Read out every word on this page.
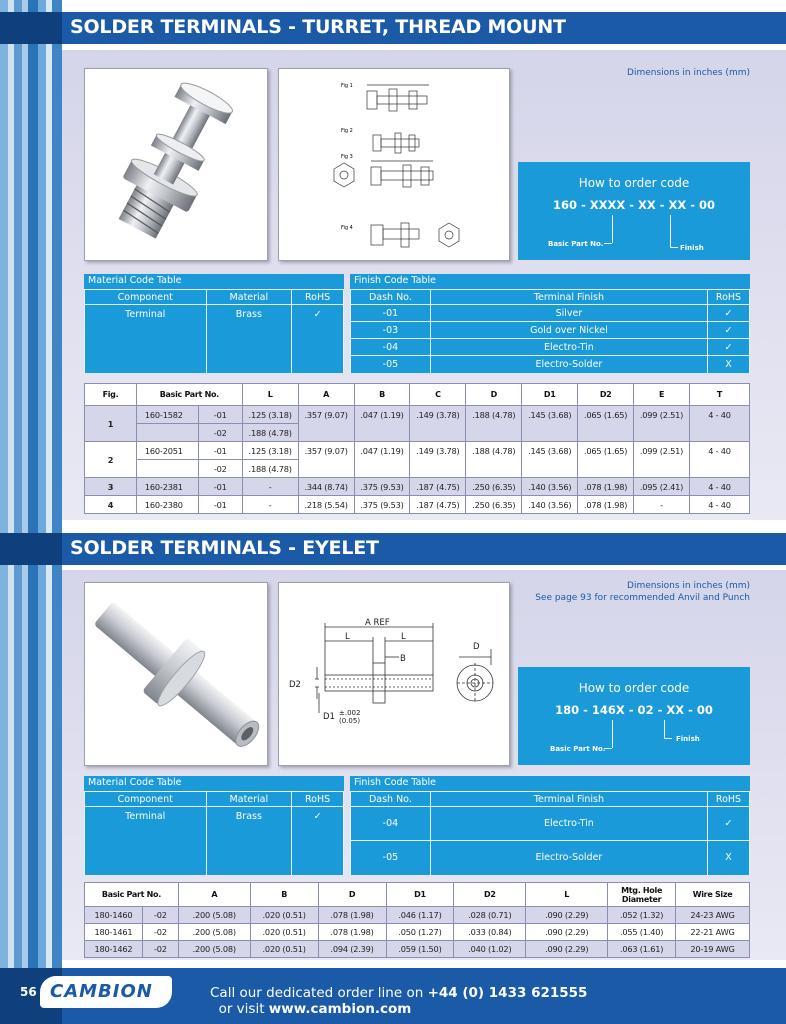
SOLDER TERMINALS - TURRET, THREAD MOUNT
Fig 1
Fig 2
Fig 3
Fig 4
Dimensions in inches (mm)
How to order code
160 - XXXX - XX - XX - 00
Basic Part No.	Finish
Material Code Table
Component	Material	RoHS
Terminal	Brass	✓
Finish Code Table
Dash No.	Terminal Finish	RoHS
-01	Silver	✓
-03	Gold over Nickel	✓
-04	Electro-Tin	✓
-05	Electro-Solder	X
Fig.	Basic Part No.		L	A	B	C	D	D1	D2	E	T
1	160-1582	-01	.125 (3.18)	.357 (9.07)	.047 (1.19)	.149 (3.78)	.188 (4.78)	.145 (3.68)	.065 (1.65)	.099 (2.51)	4 - 40
		-02	.188 (4.78)								
2	160-2051	-01	.125 (3.18)	.357 (9.07)	.047 (1.19)	.149 (3.78)	.188 (4.78)	.145 (3.68)	.065 (1.65)	.099 (2.51)	4 - 40
		-02	.188 (4.78)								
3	160-2381	-01	-	.344 (8.74)	.375 (9.53)	.187 (4.75)	.250 (6.35)	.140 (3.56)	.078 (1.98)	.095 (2.41)	4 - 40
4	160-2380	-01	-	.218 (5.54)	.375 (9.53)	.187 (4.75)	.250 (6.35)	.140 (3.56)	.078 (1.98)	-	4 - 40
SOLDER TERMINALS - EYELET
A REF
L	L
B
D
D2
D1 ±.002
(0.05)
Dimensions in inches (mm)
See page 93 for recommended Anvil and Punch
How to order code
180 - 146X - 02 - XX - 00
Basic Part No.
Finish
Material Code Table
Component	Material	RoHS
Terminal	Brass	✓
Finish Code Table
Dash No.	Terminal Finish	RoHS
-04	Electro-Tin	✓
-05	Electro-Solder	X
Basic Part No.		A	B	D	D1	D2	L	Mtg. Hole Diameter	Wire Size
180-1460	-02	.200 (5.08)	.020 (0.51)	.078 (1.98)	.046 (1.17)	.028 (0.71)	.090 (2.29)	.052 (1.32)	24-23 AWG
180-1461	-02	.200 (5.08)	.020 (0.51)	.078 (1.98)	.050 (1.27)	.033 (0.84)	.090 (2.29)	.055 (1.40)	22-21 AWG
180-1462	-02	.200 (5.08)	.020 (0.51)	.094 (2.39)	.059 (1.50)	.040 (1.02)	.090 (2.29)	.063 (1.61)	20-19 AWG
56 CAMBION	Call our dedicated order line on +44 (0) 1433 621555  or visit www.cambion.com
